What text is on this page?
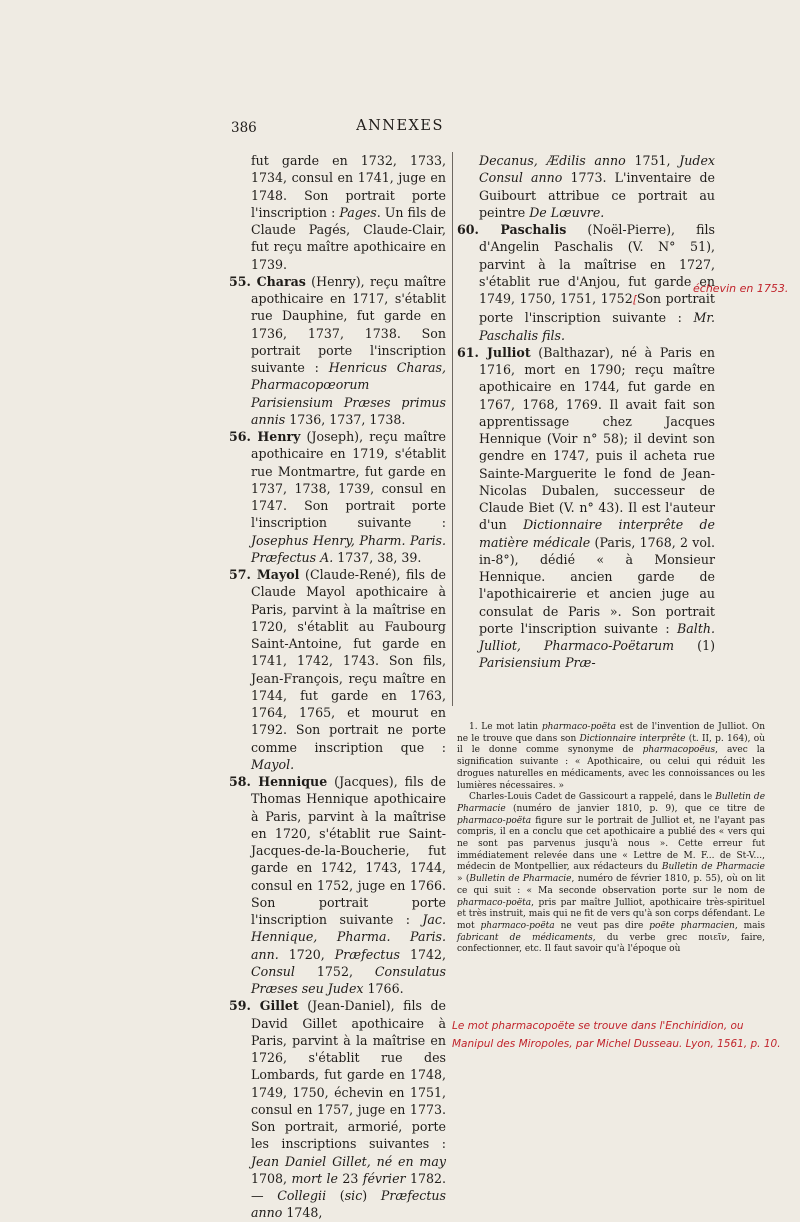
386	ANNEXES

fut garde en 1732, 1733, 1734, consul en 1741, juge en 1748. Son portrait porte l'inscription : Pages. Un fils de Claude Pagés, Claude-Clair, fut reçu maître apothicaire en 1739.

55. Charas (Henry), reçu maître apothicaire en 1717, s'établit rue Dauphine, fut garde en 1736, 1737, 1738. Son portrait porte l'inscription suivante : Henricus Charas, Pharmacopœorum Parisiensium Præses primus annis 1736, 1737, 1738.

56. Henry (Joseph), reçu maître apothicaire en 1719, s'établit rue Montmartre, fut garde en 1737, 1738, 1739, consul en 1747. Son portrait porte l'inscription suivante : Josephus Henry, Pharm. Paris. Præfectus A. 1737, 38, 39.

57. Mayol (Claude-René), fils de Claude Mayol apothicaire à Paris, parvint à la maîtrise en 1720, s'établit au Faubourg Saint-Antoine, fut garde en 1741, 1742, 1743. Son fils, Jean-François, reçu maître en 1744, fut garde en 1763, 1764, 1765, et mourut en 1792. Son portrait ne porte comme inscription que : Mayol.

58. Hennique (Jacques), fils de Thomas Hennique apothicaire à Paris, parvint à la maîtrise en 1720, s'établit rue Saint-Jacques-de-la-Boucherie, fut garde en 1742, 1743, 1744, consul en 1752, juge en 1766. Son portrait porte l'inscription suivante : Jac. Hennique, Pharma. Paris. ann. 1720, Præfectus 1742, Consul 1752, Consulatus Præses seu Judex 1766.

59. Gillet (Jean-Daniel), fils de David Gillet apothicaire à Paris, parvint à la maîtrise en 1726, s'établit rue des Lombards, fut garde en 1748, 1749, 1750, échevin en 1751, consul en 1757, juge en 1773. Son portrait, armorié, porte les inscriptions suivantes : Jean Daniel Gillet, né en may 1708, mort le 23 février 1782. — Collegii (sic) Præfectus anno 1748,

Decanus, Ædilis anno 1751, Judex Consul anno 1773. L'inventaire de Guibourt attribue ce portrait au peintre De Lœuvre.

60. Paschalis (Noël-Pierre), fils d'Angelin Paschalis (V. N° 51), parvint à la maîtrise en 1727, s'établit rue d'Anjou, fut garde en 1749, 1750, 1751, 1752[Son portrait porte l'inscription suivante : Mr. Paschalis fils.

61. Julliot (Balthazar), né à Paris en 1716, mort en 1790; reçu maître apothicaire en 1744, fut garde en 1767, 1768, 1769. Il avait fait son apprentissage chez Jacques Hennique (Voir n° 58); il devint son gendre en 1747, puis il acheta rue Sainte-Marguerite le fond de Jean-Nicolas Dubalen, successeur de Claude Biet (V. n° 43). Il est l'auteur d'un Dictionnaire interprête de matière médicale (Paris, 1768, 2 vol. in-8°), dédié « à Monsieur Hennique. ancien garde de l'apothicairerie et ancien juge au consulat de Paris ». Son portrait porte l'inscription suivante : Balth. Julliot, Pharmaco-Poëtarum (1) Parisiensium Præ-

échevin en 1753.

1. Le mot latin pharmaco-poëta est de l'invention de Julliot. On ne le trouve que dans son Dictionnaire interprête (t. II, p. 164), où il le donne comme synonyme de pharmacopoëus, avec la signification suivante : « Apothicaire, ou celui qui réduit les drogues naturelles en médicaments, avec les connoissances ou les lumières nécessaires. »

Charles-Louis Cadet de Gassicourt a rappelé, dans le Bulletin de Pharmacie (numéro de janvier 1810, p. 9), que ce titre de pharmaco-poëta figure sur le portrait de Julliot et, ne l'ayant pas compris, il en a conclu que cet apothicaire a publié des « vers qui ne sont pas parvenus jusqu'à nous ». Cette erreur fut immédiatement relevée dans une « Lettre de M. F... de St-V..., médecin de Montpellier, aux rédacteurs du Bulletin de Pharmacie » (Bulletin de Pharmacie, numéro de février 1810, p. 55), où on lit ce qui suit : « Ma seconde observation porte sur le nom de pharmaco-poëta, pris par maître Julliot, apothicaire très-spirituel et très instruit, mais qui ne fit de vers qu'à son corps défendant. Le mot pharmaco-poëta ne veut pas dire poëte pharmacien, mais fabricant de médicaments, du verbe grec ποιεῖν, faire, confectionner, etc. Il faut savoir qu'à l'époque où

Le mot pharmacopoëte se trouve dans l'Enchiridion, ou
Manipul des Miropoles, par Michel Dusseau. Lyon, 1561, p. 10.
